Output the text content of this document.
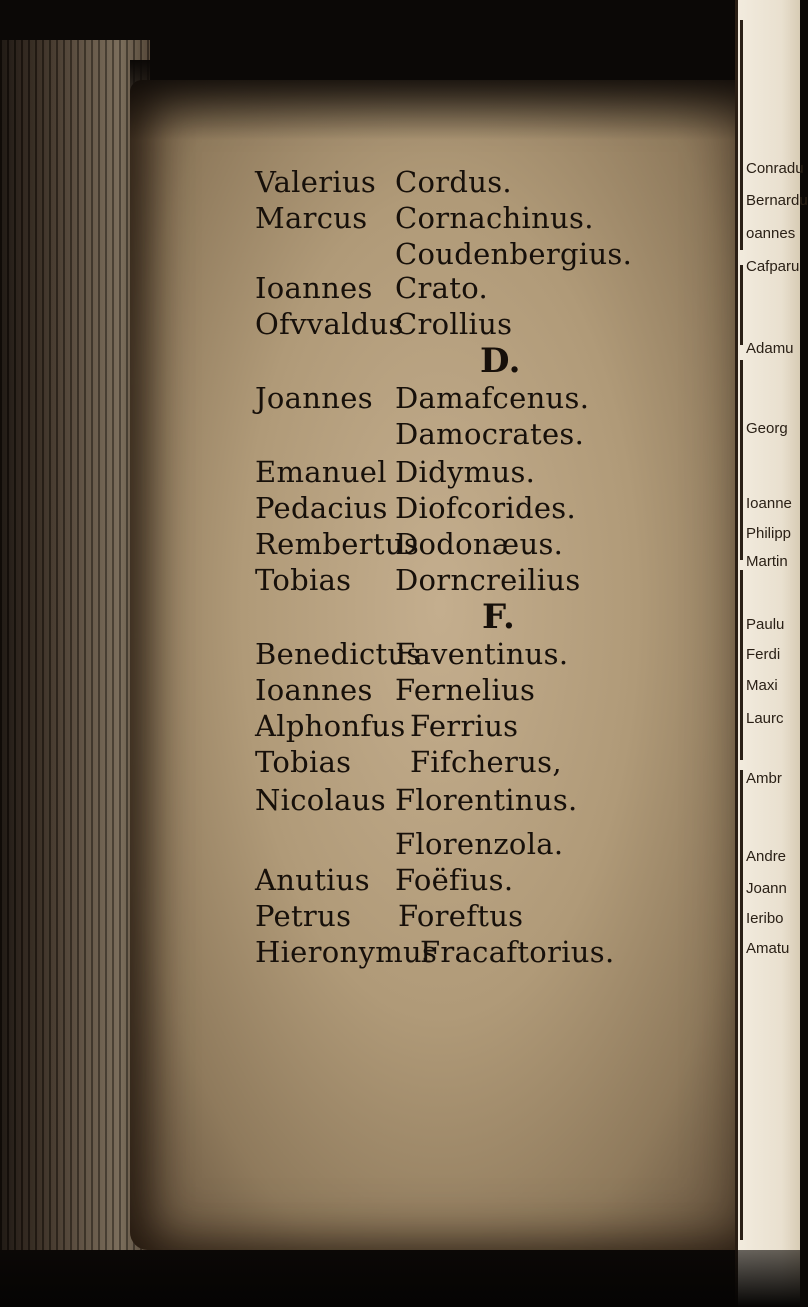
Conradu
Bernardu
oannes
Cafparu
Adamu
Georg
Ioanne
Philipp
Martin
Paulu
Ferdi
Maxi
Laurc
Ambr
Andre
Joann
Ieribo
Amatu
Valerius
Marcus
Ioannes
Ofvvaldus
Joannes
Emanuel
Pedacius
Rembertus
Tobias
Benedictus
Ioannes
Alphonfus
Tobias
Nicolaus
Anutius
Petrus
Hieronymus
Cordus.
Cornachinus.
Coudenbergius.
Crato.
Crollius
D.
Damafcenus.
Damocrates.
Didymus.
Diofcorides.
Dodonæus.
Dorncreilius
F.
Faventinus.
Fernelius
Ferrius
Fifcherus,
Florentinus.
Florenzola.
Foëfius.
Foreftus
Fracaftorius.
